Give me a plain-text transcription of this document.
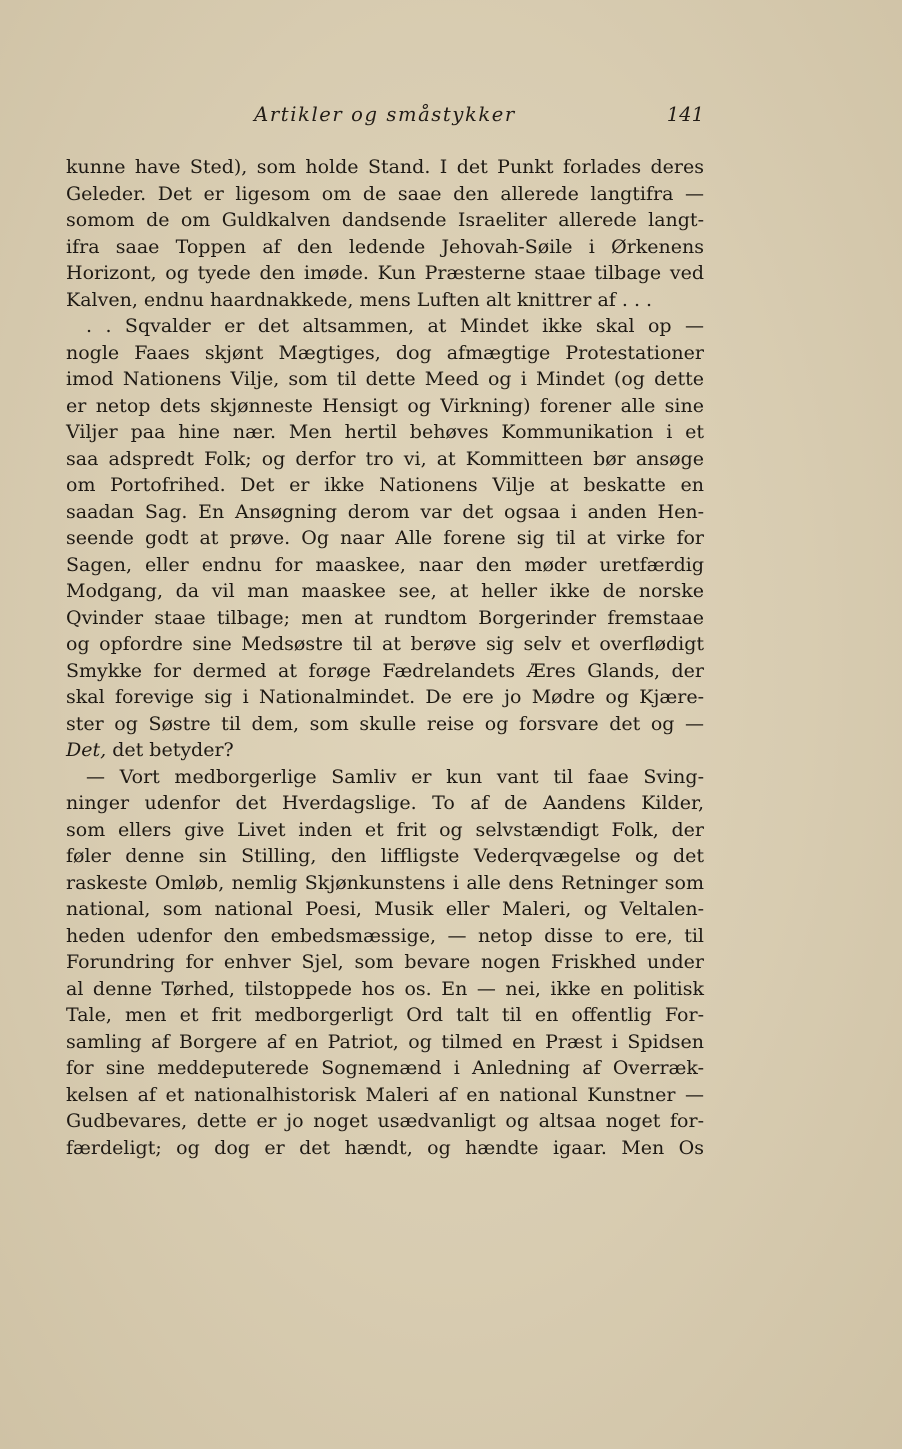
Artikler og småstykker	141
kunne have Sted), som holde Stand. I det Punkt forlades deres
Geleder. Det er ligesom om de saae den allerede langtifra —
somom de om Guldkalven dandsende Israeliter allerede langt-
ifra saae Toppen af den ledende Jehovah-Søile i Ørkenens
Horizont, og tyede den imøde. Kun Præsterne staae tilbage ved
Kalven, endnu haardnakkede, mens Luften alt knittrer af . . .
. . Sqvalder er det altsammen, at Mindet ikke skal op —
nogle Faaes skjønt Mægtiges, dog afmægtige Protestationer
imod Nationens Vilje, som til dette Meed og i Mindet (og dette
er netop dets skjønneste Hensigt og Virkning) forener alle sine
Viljer paa hine nær. Men hertil behøves Kommunikation i et
saa adspredt Folk; og derfor tro vi, at Kommitteen bør ansøge
om Portofrihed. Det er ikke Nationens Vilje at beskatte en
saadan Sag. En Ansøgning derom var det ogsaa i anden Hen-
seende godt at prøve. Og naar Alle forene sig til at virke for
Sagen, eller endnu for maaskee, naar den møder uretfærdig
Modgang, da vil man maaskee see, at heller ikke de norske
Qvinder staae tilbage; men at rundtom Borgerinder fremstaae
og opfordre sine Medsøstre til at berøve sig selv et overflødigt
Smykke for dermed at forøge Fædrelandets Æres Glands, der
skal forevige sig i Nationalmindet. De ere jo Mødre og Kjære-
ster og Søstre til dem, som skulle reise og forsvare det og —
Det, det betyder?
— Vort medborgerlige Samliv er kun vant til faae Sving-
ninger udenfor det Hverdagslige. To af de Aandens Kilder,
som ellers give Livet inden et frit og selvstændigt Folk, der
føler denne sin Stilling, den liffligste Vederqvægelse og det
raskeste Omløb, nemlig Skjønkunstens i alle dens Retninger som
national, som national Poesi, Musik eller Maleri, og Veltalen-
heden udenfor den embedsmæssige, — netop disse to ere, til
Forundring for enhver Sjel, som bevare nogen Friskhed under
al denne Tørhed, tilstoppede hos os. En — nei, ikke en politisk
Tale, men et frit medborgerligt Ord talt til en offentlig For-
samling af Borgere af en Patriot, og tilmed en Præst i Spidsen
for sine meddeputerede Sognemænd i Anledning af Overræk-
kelsen af et nationalhistorisk Maleri af en national Kunstner —
Gudbevares, dette er jo noget usædvanligt og altsaa noget for-
færdeligt; og dog er det hændt, og hændte igaar. Men Os
